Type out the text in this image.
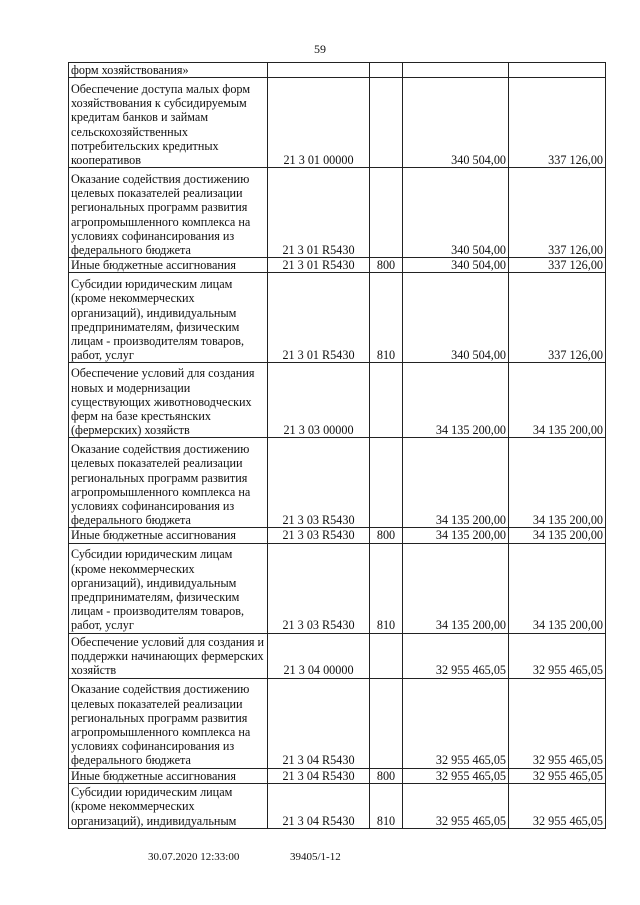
59
форм хозяйствования»				
Обеспечение доступа малых форм хозяйствования к субсидируемым кредитам банков и займам сельскохозяйственных потребительских кредитных кооперативов	21 3 01 00000		340 504,00	337 126,00
Оказание содействия достижению целевых показателей реализации региональных программ развития агропромышленного комплекса на условиях софинансирования из федерального бюджета	21 3 01 R5430		340 504,00	337 126,00
Иные бюджетные ассигнования	21 3 01 R5430	800	340 504,00	337 126,00
Субсидии юридическим лицам (кроме некоммерческих организаций), индивидуальным предпринимателям, физическим лицам - производителям товаров, работ, услуг	21 3 01 R5430	810	340 504,00	337 126,00
Обеспечение условий для создания новых и модернизации существующих животноводческих ферм на базе крестьянских (фермерских) хозяйств	21 3 03 00000		34 135 200,00	34 135 200,00
Оказание содействия достижению целевых показателей реализации региональных программ развития агропромышленного комплекса на условиях софинансирования из федерального бюджета	21 3 03 R5430		34 135 200,00	34 135 200,00
Иные бюджетные ассигнования	21 3 03 R5430	800	34 135 200,00	34 135 200,00
Субсидии юридическим лицам (кроме некоммерческих организаций), индивидуальным предпринимателям, физическим лицам - производителям товаров, работ, услуг	21 3 03 R5430	810	34 135 200,00	34 135 200,00
Обеспечение условий для создания и поддержки начинающих фермерских хозяйств	21 3 04 00000		32 955 465,05	32 955 465,05
Оказание содействия достижению целевых показателей реализации региональных программ развития агропромышленного комплекса на условиях софинансирования из федерального бюджета	21 3 04 R5430		32 955 465,05	32 955 465,05
Иные бюджетные ассигнования	21 3 04 R5430	800	32 955 465,05	32 955 465,05
Субсидии юридическим лицам (кроме некоммерческих организаций), индивидуальным	21 3 04 R5430	810	32 955 465,05	32 955 465,05
30.07.2020 12:33:00	39405/1-12
